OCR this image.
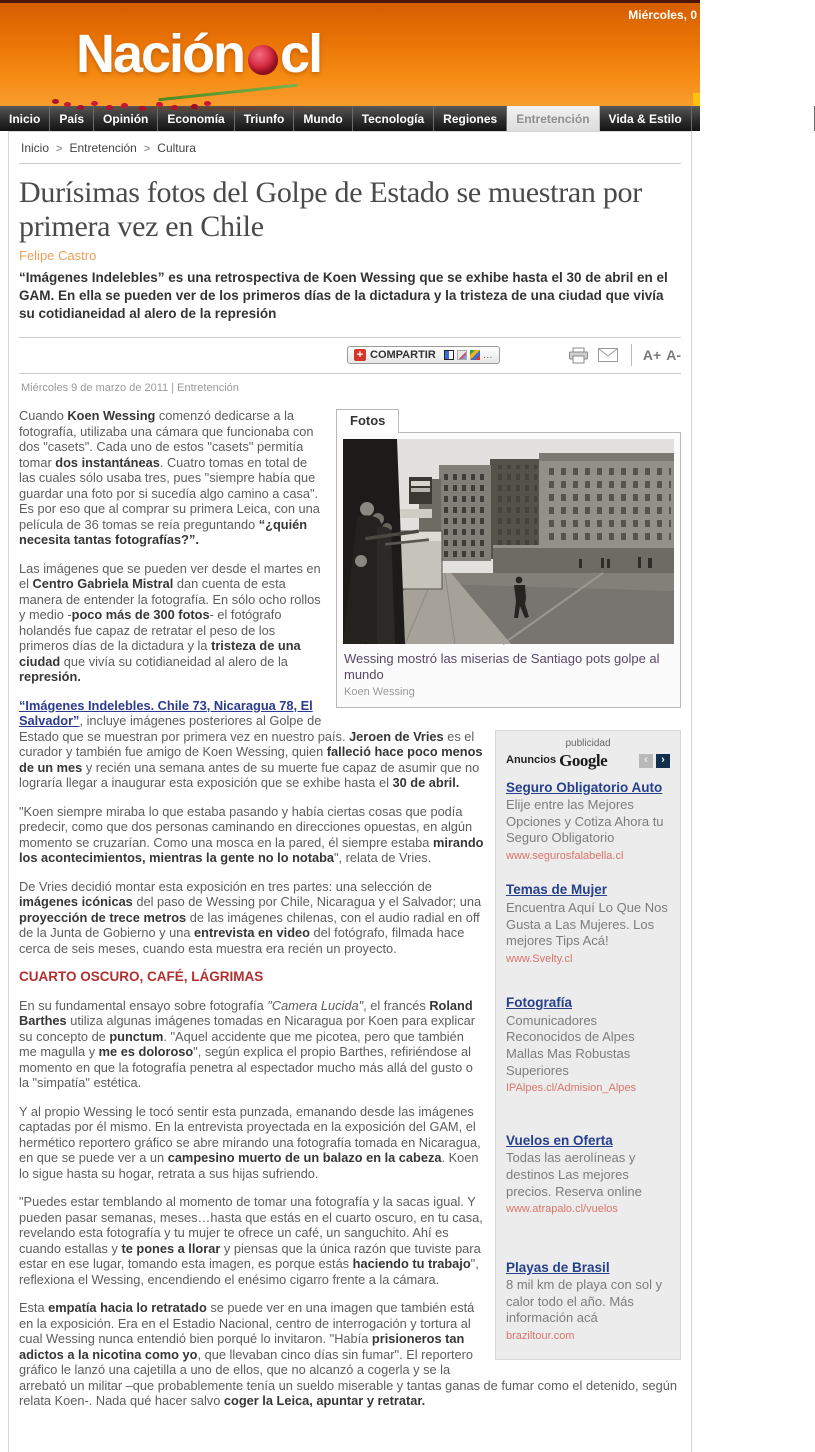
Miércoles, 0
Nación cl
Inicio	País	Opinión	Economía	Triunfo	Mundo	Tecnología	Regiones	Entretención	Vida & Estilo	Mercado del Place
Inicio > Entretención > Cultura
Durísimas fotos del Golpe de Estado se muestran por primera vez en Chile
Felipe Castro
“Imágenes Indelebles” es una retrospectiva de Koen Wessing que se exhibe hasta el 30 de abril en el GAM. En ella se pueden ver de los primeros días de la dictadura y la tristeza de una ciudad que vivía su cotidianeidad al alero de la represión
+ COMPARTIR	…	A+ A-
Miércoles 9 de marzo de 2011 | Entretención
Fotos
Wessing mostró las miserias de Santiago pots golpe al mundo
Koen Wessing
publicidad
Anuncios Google	‹	›
Seguro Obligatorio Auto
Elije entre las Mejores Opciones y Cotiza Ahora tu Seguro Obligatorio
www.segurosfalabella.cl
Temas de Mujer
Encuentra Aquí Lo Que Nos Gusta a Las Mujeres. Los mejores Tips Acá!
www.Svelty.cl
Fotografía
Comunicadores Reconocidos de Alpes Mallas Mas Robustas Superiores
IPAlpes.cl/Admision_Alpes
Vuelos en Oferta
Todas las aerolíneas y destinos Las mejores precios. Reserva online
www.atrapalo.cl/vuelos
Playas de Brasil
8 mil km de playa con sol y calor todo el año. Más información acá
braziltour.com

Cuando Koen Wessing comenzó dedicarse a la fotografía, utilizaba una cámara que funcionaba con dos "casets". Cada uno de estos "casets" permitía tomar dos instantáneas. Cuatro tomas en total de las cuales sólo usaba tres, pues "siempre había que guardar una foto por si sucedía algo camino a casa". Es por eso que al comprar su primera Leica, con una película de 36 tomas se reía preguntando “¿quién necesita tantas fotografías?”.

Las imágenes que se pueden ver desde el martes en el Centro Gabriela Mistral dan cuenta de esta manera de entender la fotografía. En sólo ocho rollos y medio -poco más de 300 fotos- el fotógrafo holandés fue capaz de retratar el peso de los primeros días de la dictadura y la tristeza de una ciudad que vivía su cotidianeidad al alero de la represión.

“Imágenes Indelebles. Chile 73, Nicaragua 78, El Salvador”, incluye imágenes posteriores al Golpe de Estado que se muestran por primera vez en nuestro país. Jeroen de Vries es el curador y también fue amigo de Koen Wessing, quien falleció hace poco menos de un mes y recién una semana antes de su muerte fue capaz de asumir que no lograría llegar a inaugurar esta exposición que se exhibe hasta el 30 de abril.

"Koen siempre miraba lo que estaba pasando y había ciertas cosas que podía predecir, como que dos personas caminando en direcciones opuestas, en algún momento se cruzarían. Como una mosca en la pared, él siempre estaba mirando los acontecimientos, mientras la gente no lo notaba", relata de Vries.

De Vries decidió montar esta exposición en tres partes: una selección de imágenes icónicas del paso de Wessing por Chile, Nicaragua y el Salvador; una proyección de trece metros de las imágenes chilenas, con el audio radial en off de la Junta de Gobierno y una entrevista en video del fotógrafo, filmada hace cerca de seis meses, cuando esta muestra era recién un proyecto.

CUARTO OSCURO, CAFÉ, LÁGRIMAS

En su fundamental ensayo sobre fotografía "Camera Lucida", el francés Roland Barthes utiliza algunas imágenes tomadas en Nicaragua por Koen para explicar su concepto de punctum. "Aquel accidente que me picotea, pero que también me magulla y me es doloroso", según explica el propio Barthes, refiriéndose al momento en que la fotografía penetra al espectador mucho más allá del gusto o la "simpatía" estética.

Y al propio Wessing le tocó sentir esta punzada, emanando desde las imágenes captadas por él mismo. En la entrevista proyectada en la exposición del GAM, el hermético reportero gráfico se abre mirando una fotografía tomada en Nicaragua, en que se puede ver a un campesino muerto de un balazo en la cabeza. Koen lo sigue hasta su hogar, retrata a sus hijas sufriendo.

"Puedes estar temblando al momento de tomar una fotografía y la sacas igual. Y pueden pasar semanas, meses…hasta que estás en el cuarto oscuro, en tu casa, revelando esta fotografía y tu mujer te ofrece un café, un sanguchito. Ahí es cuando estallas y te pones a llorar y piensas que la única razón que tuviste para estar en ese lugar, tomando esta imagen, es porque estás haciendo tu trabajo", reflexiona el Wessing, encendiendo el enésimo cigarro frente a la cámara.

Esta empatía hacia lo retratado se puede ver en una imagen que también está en la exposición. Era en el Estadio Nacional, centro de interrogación y tortura al cual Wessing nunca entendió bien porqué lo invitaron. "Había prisioneros tan adictos a la nicotina como yo, que llevaban cinco días sin fumar". El reportero gráfico le lanzó una cajetilla a uno de ellos, que no alcanzó a cogerla y se la arrebató un militar –que probablemente tenía un sueldo miserable y tantas ganas de fumar como el detenido, según relata Koen-. Nada qué hacer salvo coger la Leica, apuntar y retratar.
